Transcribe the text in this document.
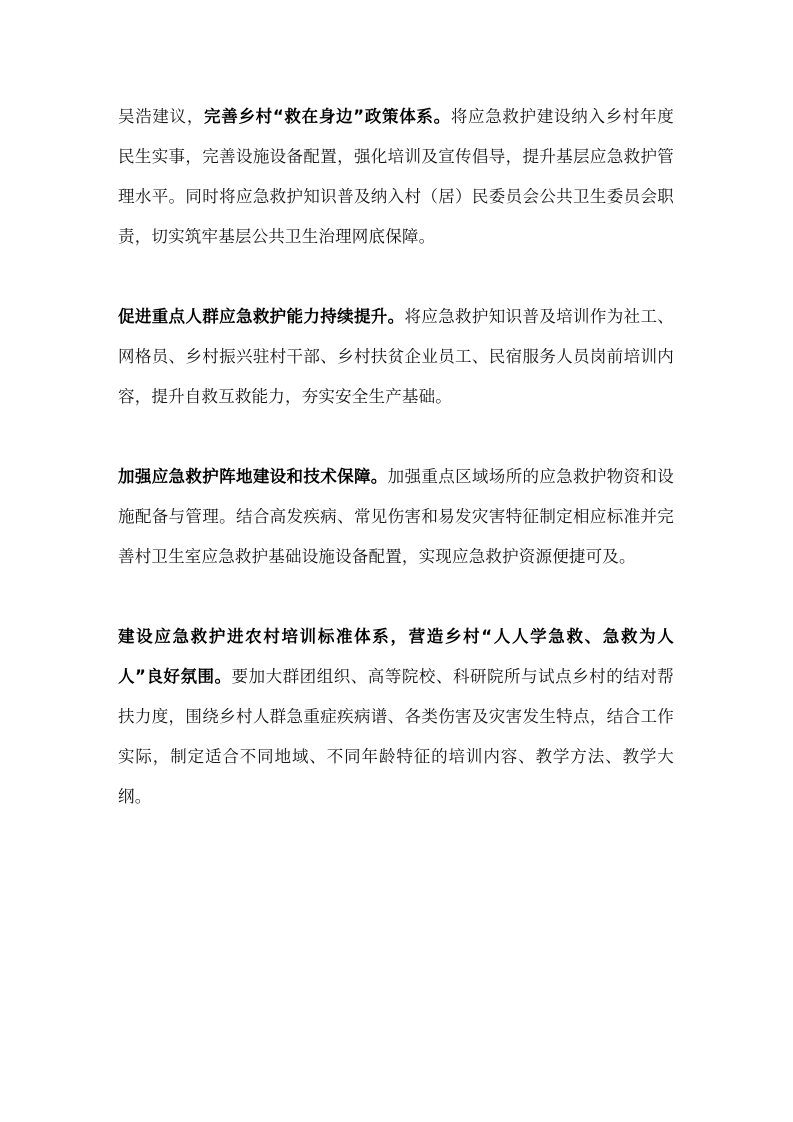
吴浩建议，完善乡村“救在身边”政策体系。将应急救护建设纳入乡村年度民生实事，完善设施设备配置，强化培训及宣传倡导，提升基层应急救护管理水平。同时将应急救护知识普及纳入村（居）民委员会公共卫生委员会职责，切实筑牢基层公共卫生治理网底保障。

促进重点人群应急救护能力持续提升。将应急救护知识普及培训作为社工、网格员、乡村振兴驻村干部、乡村扶贫企业员工、民宿服务人员岗前培训内容，提升自救互救能力，夯实安全生产基础。

加强应急救护阵地建设和技术保障。加强重点区域场所的应急救护物资和设施配备与管理。结合高发疾病、常见伤害和易发灾害特征制定相应标准并完善村卫生室应急救护基础设施设备配置，实现应急救护资源便捷可及。

建设应急救护进农村培训标准体系，营造乡村“人人学急救、急救为人人”良好氛围。要加大群团组织、高等院校、科研院所与试点乡村的结对帮扶力度，围绕乡村人群急重症疾病谱、各类伤害及灾害发生特点，结合工作实际，制定适合不同地域、不同年龄特征的培训内容、教学方法、教学大纲。
